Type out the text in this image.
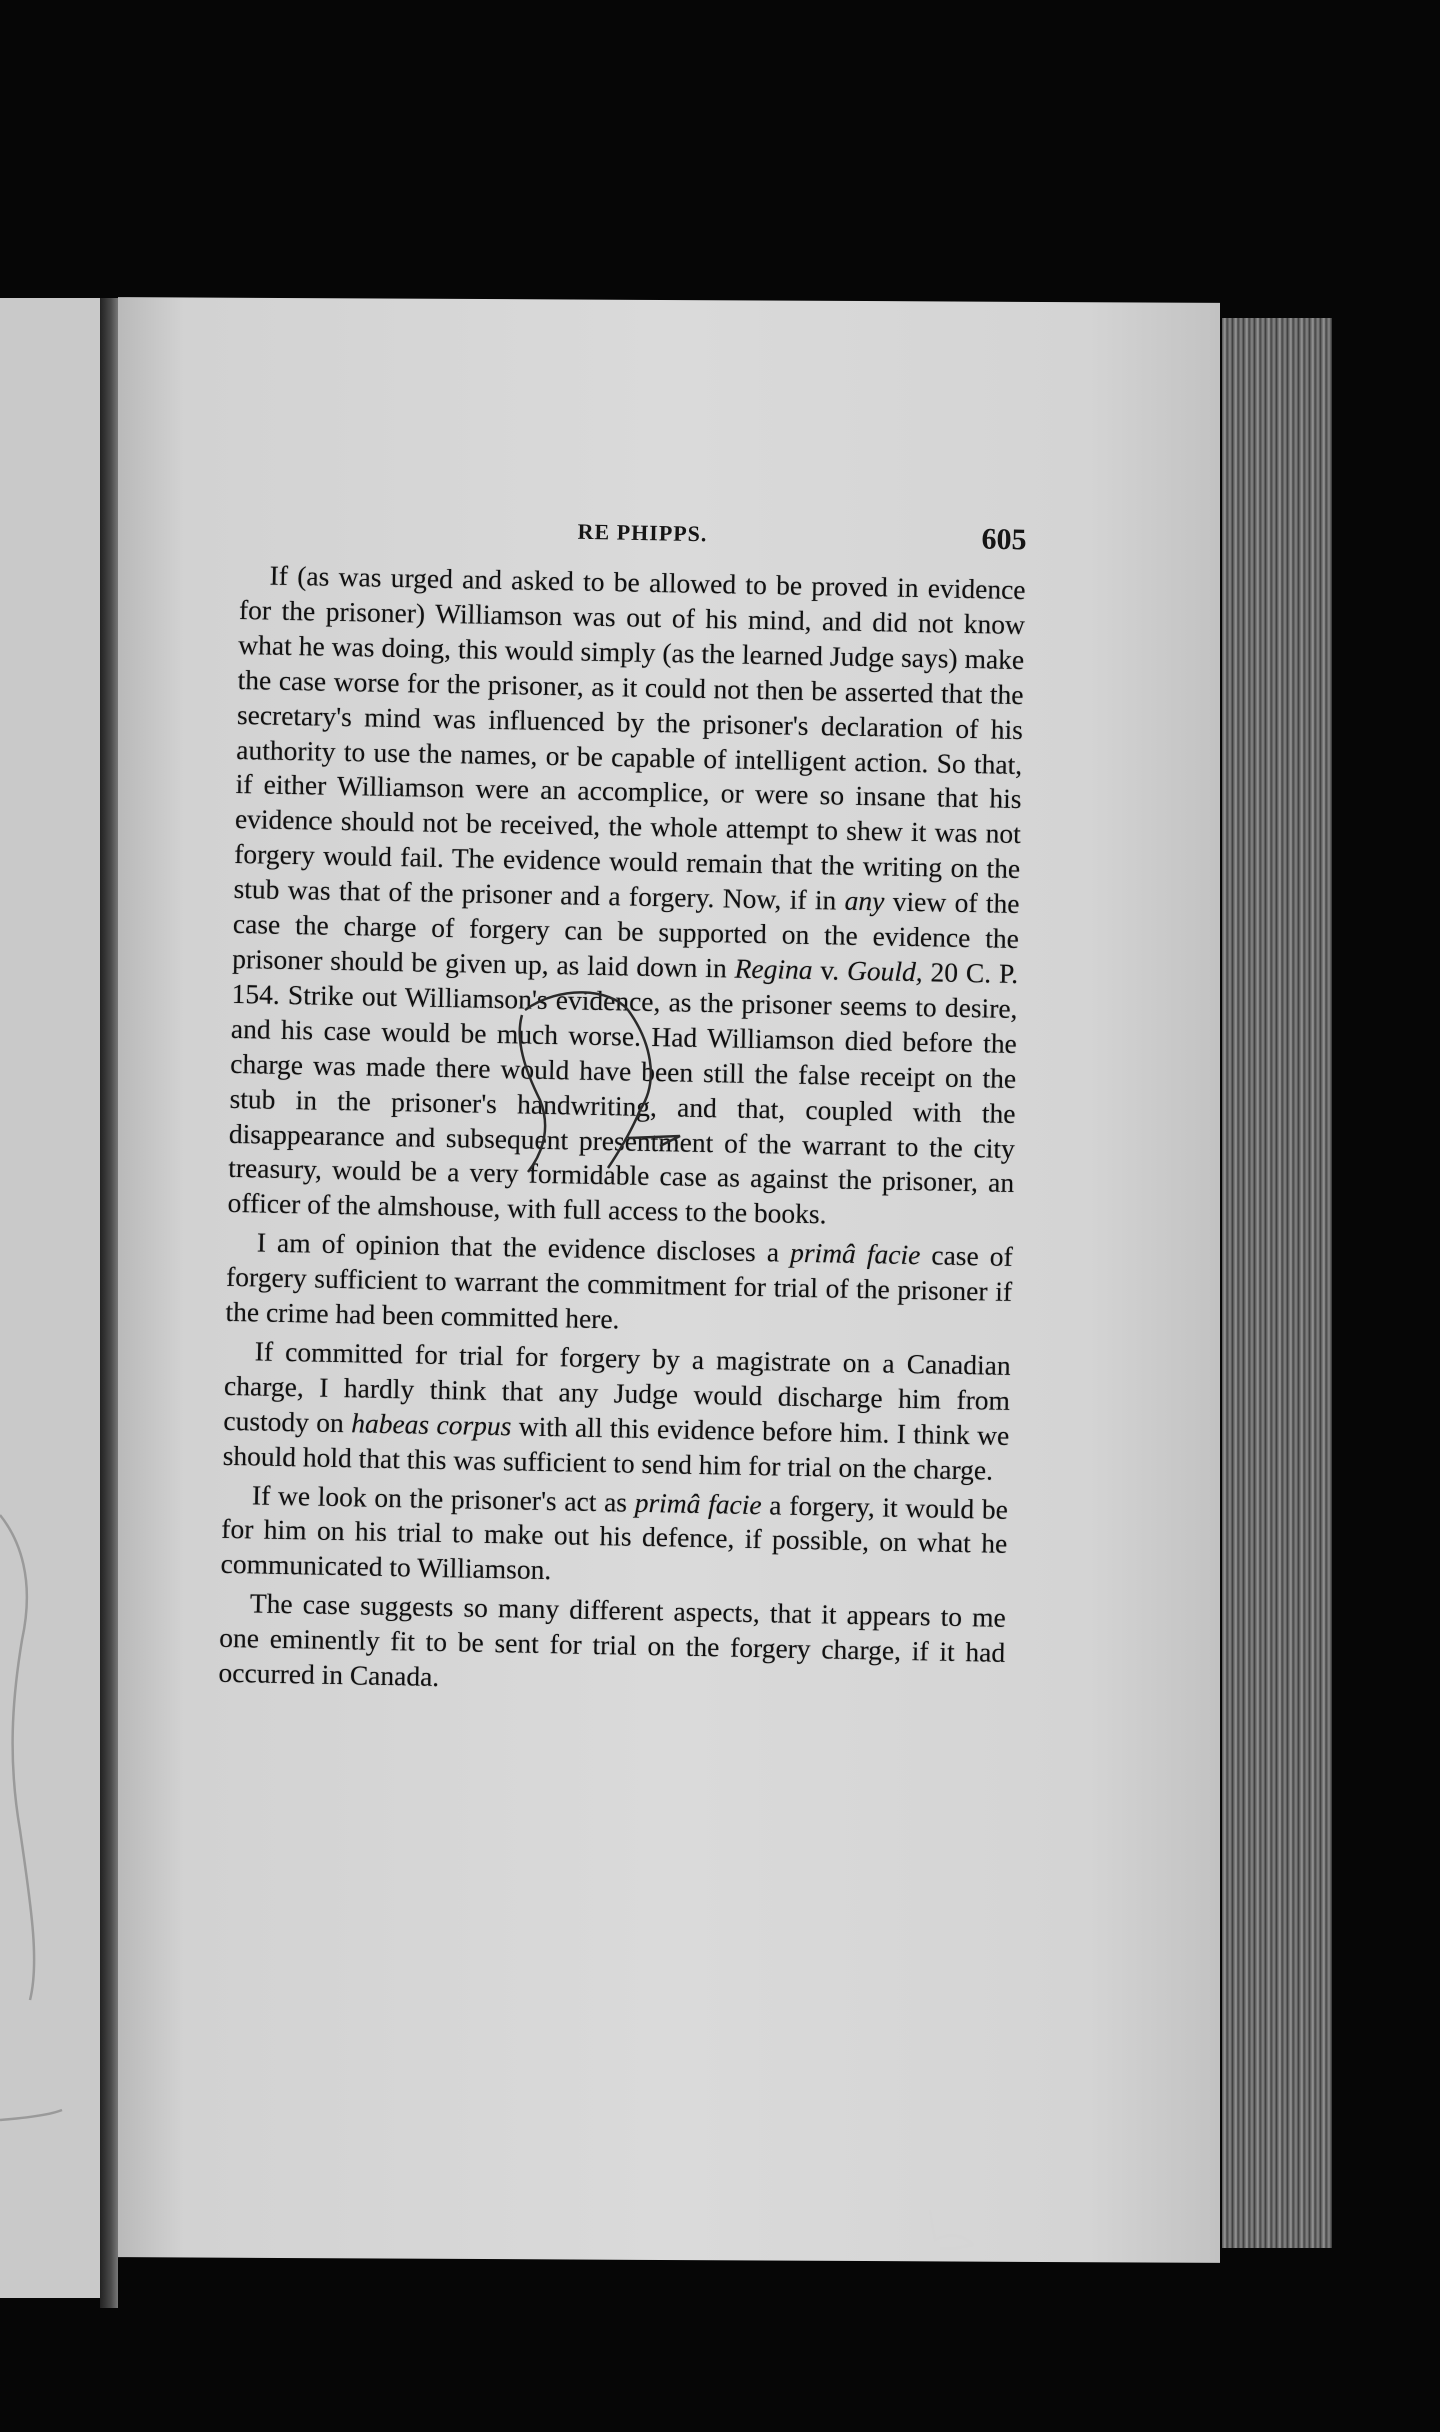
RE PHIPPS.	605

If (as was urged and asked to be allowed to be proved in evidence for the prisoner) Williamson was out of his mind, and did not know what he was doing, this would simply (as the learned Judge says) make the case worse for the prisoner, as it could not then be asserted that the secretary's mind was influenced by the prisoner's declaration of his authority to use the names, or be capable of intelligent action. So that, if either Williamson were an accomplice, or were so insane that his evidence should not be received, the whole attempt to shew it was not forgery would fail. The evidence would remain that the writing on the stub was that of the prisoner and a forgery. Now, if in any view of the case the charge of forgery can be supported on the evidence the prisoner should be given up, as laid down in Regina v. Gould, 20 C. P. 154. Strike out Williamson's evidence, as the prisoner seems to desire, and his case would be much worse. Had Williamson died before the charge was made there would have been still the false receipt on the stub in the prisoner's handwriting, and that, coupled with the disappearance and subsequent presentment of the warrant to the city treasury, would be a very formidable case as against the prisoner, an officer of the almshouse, with full access to the books.

I am of opinion that the evidence discloses a primâ facie case of forgery sufficient to warrant the commitment for trial of the prisoner if the crime had been committed here.

If committed for trial for forgery by a magistrate on a Canadian charge, I hardly think that any Judge would discharge him from custody on habeas corpus with all this evidence before him. I think we should hold that this was sufficient to send him for trial on the charge.

If we look on the prisoner's act as primâ facie a forgery, it would be for him on his trial to make out his defence, if possible, on what he communicated to Williamson.

The case suggests so many different aspects, that it appears to me one eminently fit to be sent for trial on the forgery charge, if it had occurred in Canada.
